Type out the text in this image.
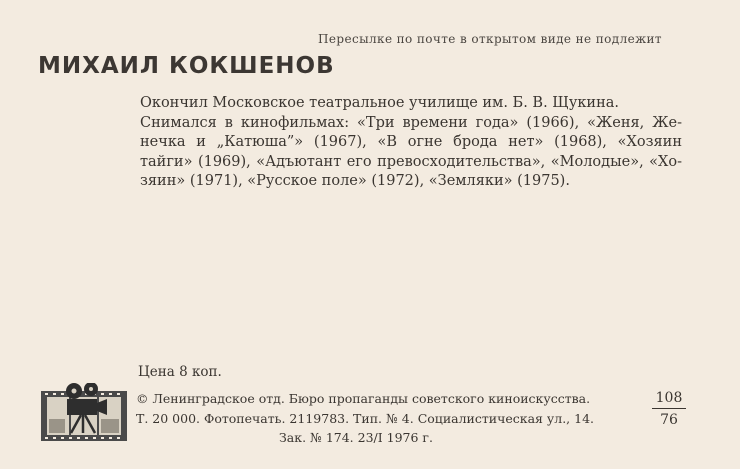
Пересылке по почте в открытом виде не подлежит
МИХАИЛ КОКШЕНОВ
Окончил Московское театральное училище им. Б. В. Щукина.
Снимался в кинофильмах: «Три времени года» (1966), «Женя, Же-
нечка и „Катюша”» (1967), «В огне брода нет» (1968), «Хозяин
тайги» (1969), «Адъютант его превосходительства», «Молодые», «Хо-
зяин» (1971), «Русское поле» (1972), «Земляки» (1975).
Цена 8 коп.
© Ленинградское отд. Бюро пропаганды советского киноискусства.
Т. 20 000. Фотопечать. 2119783. Тип. № 4. Социалистическая ул., 14.
Зак. № 174. 23/I 1976 г.
108
76
